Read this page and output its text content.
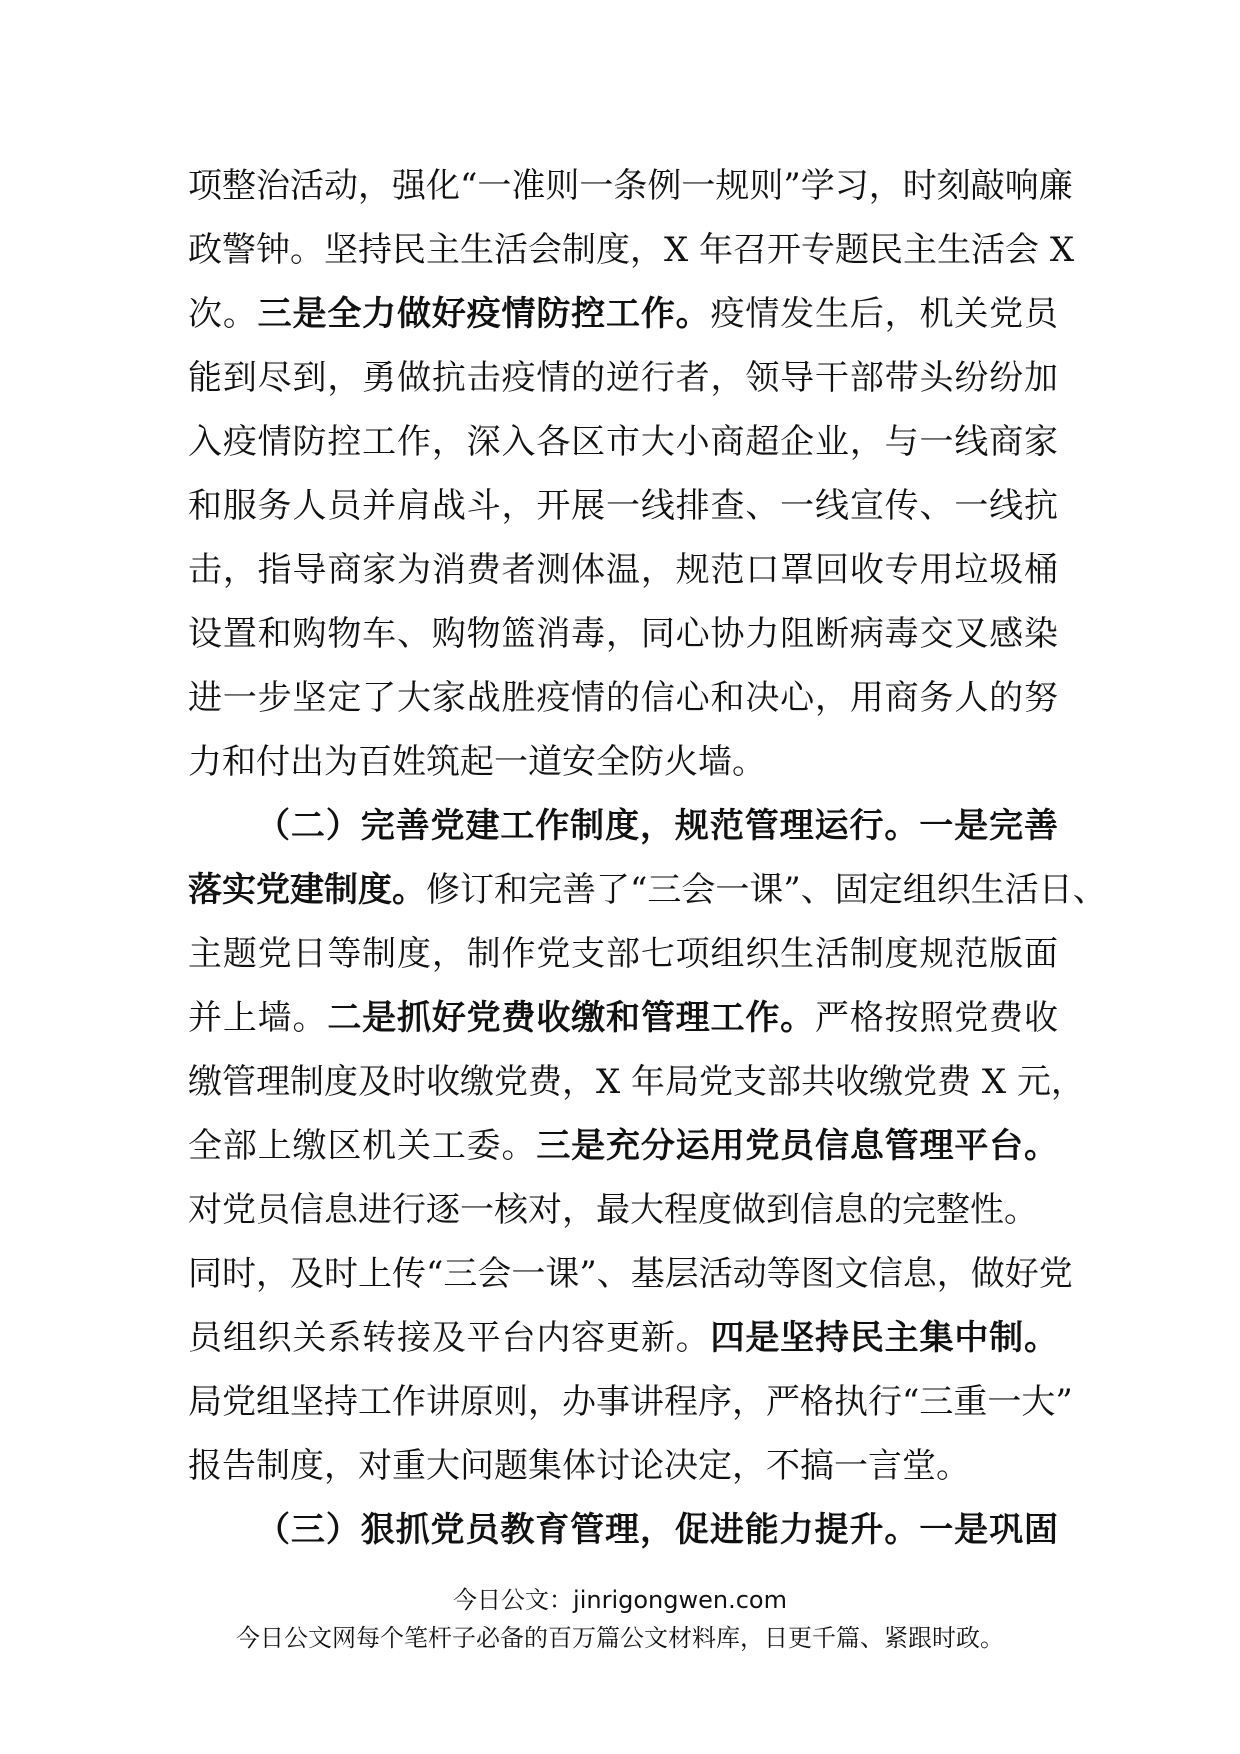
项整治活动，强化“一准则一条例一规则”学习，时刻敲响廉
政警钟。坚持民主生活会制度，X 年召开专题民主生活会 X
次。三是全力做好疫情防控工作。疫情发生后，机关党员
能到尽到，勇做抗击疫情的逆行者，领导干部带头纷纷加
入疫情防控工作，深入各区市大小商超企业，与一线商家
和服务人员并肩战斗，开展一线排查、一线宣传、一线抗
击，指导商家为消费者测体温，规范口罩回收专用垃圾桶
设置和购物车、购物篮消毒，同心协力阻断病毒交叉感染
进一步坚定了大家战胜疫情的信心和决心，用商务人的努
力和付出为百姓筑起一道安全防火墙。
（二）完善党建工作制度，规范管理运行。一是完善
落实党建制度。修订和完善了“三会一课”、固定组织生活日、
主题党日等制度，制作党支部七项组织生活制度规范版面
并上墙。二是抓好党费收缴和管理工作。严格按照党费收
缴管理制度及时收缴党费，X 年局党支部共收缴党费 X 元，
全部上缴区机关工委。三是充分运用党员信息管理平台。
对党员信息进行逐一核对，最大程度做到信息的完整性。
同时，及时上传“三会一课”、基层活动等图文信息，做好党
员组织关系转接及平台内容更新。四是坚持民主集中制。
局党组坚持工作讲原则，办事讲程序，严格执行“三重一大”
报告制度，对重大问题集体讨论决定，不搞一言堂。
（三）狠抓党员教育管理，促进能力提升。一是巩固
今日公文：jinrigongwen.com
今日公文网每个笔杆子必备的百万篇公文材料库，日更千篇、紧跟时政。
